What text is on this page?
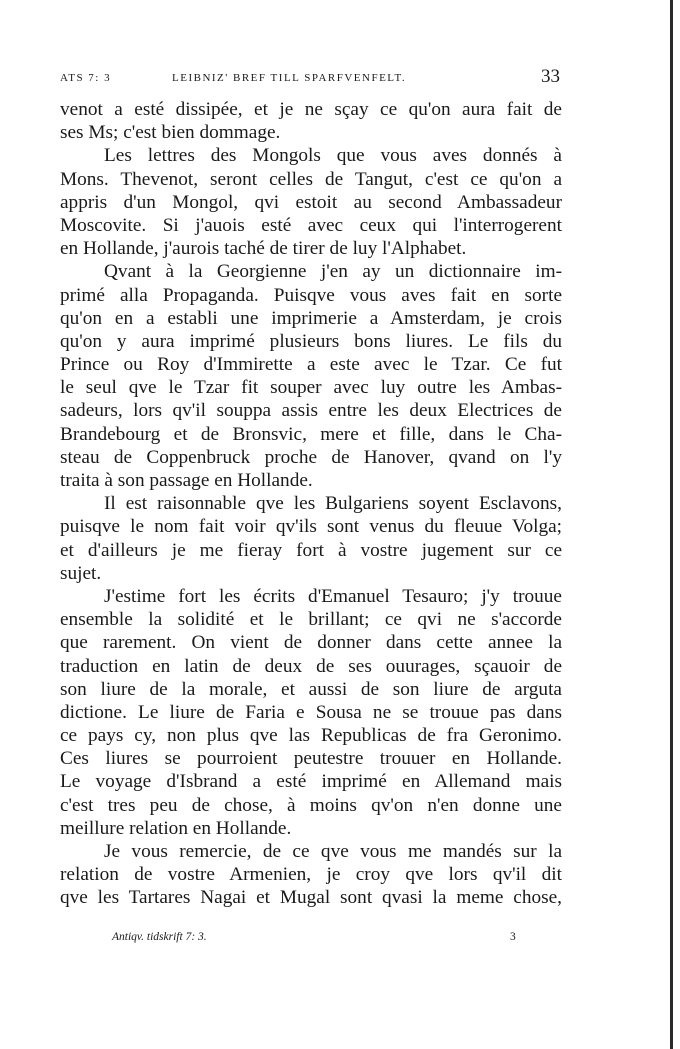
ATS 7: 3	LEIBNIZ' BREF TILL SPARFVENFELT.	33
venot a esté dissipée, et je ne sçay ce qu'on aura fait de
ses Ms; c'est bien dommage.
Les lettres des Mongols que vous aves donnés à
Mons. Thevenot, seront celles de Tangut, c'est ce qu'on a
appris d'un Mongol, qvi estoit au second Ambassadeur
Moscovite. Si j'auois esté avec ceux qui l'interrogerent
en Hollande, j'aurois taché de tirer de luy l'Alphabet.
Qvant à la Georgienne j'en ay un dictionnaire im-
primé alla Propaganda. Puisqve vous aves fait en sorte
qu'on en a establi une imprimerie a Amsterdam, je crois
qu'on y aura imprimé plusieurs bons liures. Le fils du
Prince ou Roy d'Immirette a este avec le Tzar. Ce fut
le seul qve le Tzar fit souper avec luy outre les Ambas-
sadeurs, lors qv'il souppa assis entre les deux Electrices de
Brandebourg et de Bronsvic, mere et fille, dans le Cha-
steau de Coppenbruck proche de Hanover, qvand on l'y
traita à son passage en Hollande.
Il est raisonnable qve les Bulgariens soyent Esclavons,
puisqve le nom fait voir qv'ils sont venus du fleuue Volga;
et d'ailleurs je me fieray fort à vostre jugement sur ce
sujet.
J'estime fort les écrits d'Emanuel Tesauro; j'y trouue
ensemble la solidité et le brillant; ce qvi ne s'accorde
que rarement. On vient de donner dans cette annee la
traduction en latin de deux de ses ouurages, sçauoir de
son liure de la morale, et aussi de son liure de arguta
dictione. Le liure de Faria e Sousa ne se trouue pas dans
ce pays cy, non plus qve las Republicas de fra Geronimo.
Ces liures se pourroient peutestre trouuer en Hollande.
Le voyage d'Isbrand a esté imprimé en Allemand mais
c'est tres peu de chose, à moins qv'on n'en donne une
meillure relation en Hollande.
Je vous remercie, de ce qve vous me mandés sur la
relation de vostre Armenien, je croy qve lors qv'il dit
qve les Tartares Nagai et Mugal sont qvasi la meme chose,
Antiqv. tidskrift 7: 3.	3
